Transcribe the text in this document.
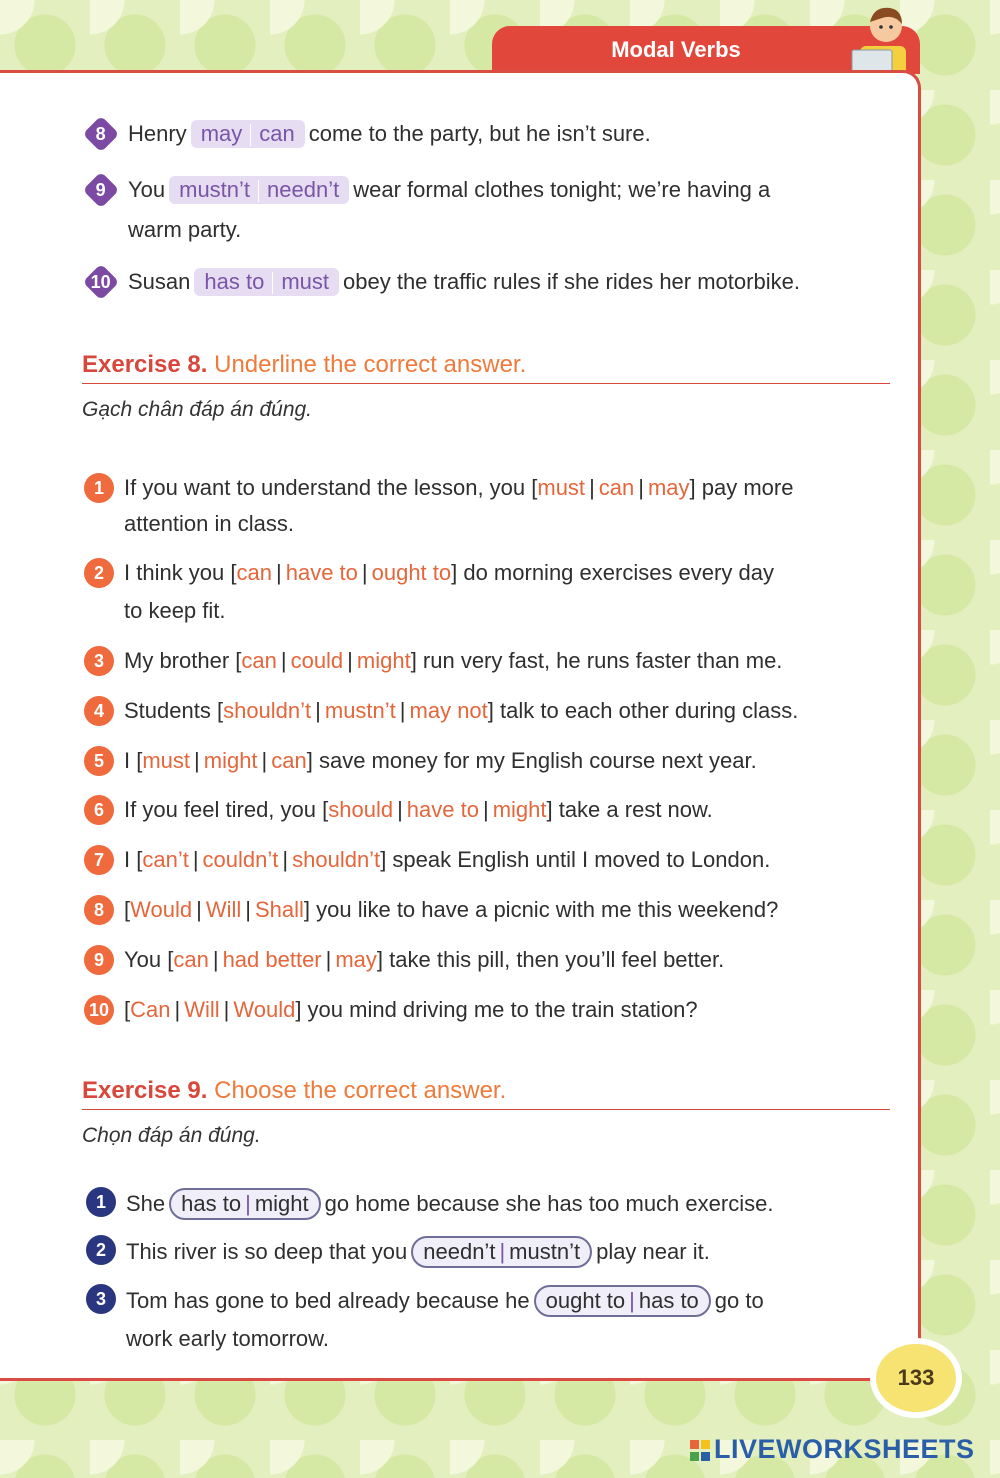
Modal Verbs
8 Henry may can come to the party, but he isn’t sure.
9 You mustn’t needn’t wear formal clothes tonight; we’re having a
warm party.
10 Susan has to must obey the traffic rules if she rides her motorbike.
Exercise 8. Underline the correct answer.
Gạch chân đáp án đúng.
1 If you want to understand the lesson, you [must | can | may] pay more
attention in class.
2 I think you [can | have to | ought to] do morning exercises every day
to keep fit.
3 My brother [can | could | might] run very fast, he runs faster than me.
4 Students [shouldn’t | mustn’t | may not] talk to each other during class.
5 I [must | might | can] save money for my English course next year.
6 If you feel tired, you [should | have to | might] take a rest now.
7 I [can’t | couldn’t | shouldn’t] speak English until I moved to London.
8 [Would | Will | Shall] you like to have a picnic with me this weekend?
9 You [can | had better | may] take this pill, then you’ll feel better.
10 [Can | Will | Would] you mind driving me to the train station?
Exercise 9. Choose the correct answer.
Chọn đáp án đúng.
1 She has to | might go home because she has too much exercise.
2 This river is so deep that you needn’t | mustn’t play near it.
3 Tom has gone to bed already because he ought to | has to go to
work early tomorrow.
133
LIVEWORKSHEETS
